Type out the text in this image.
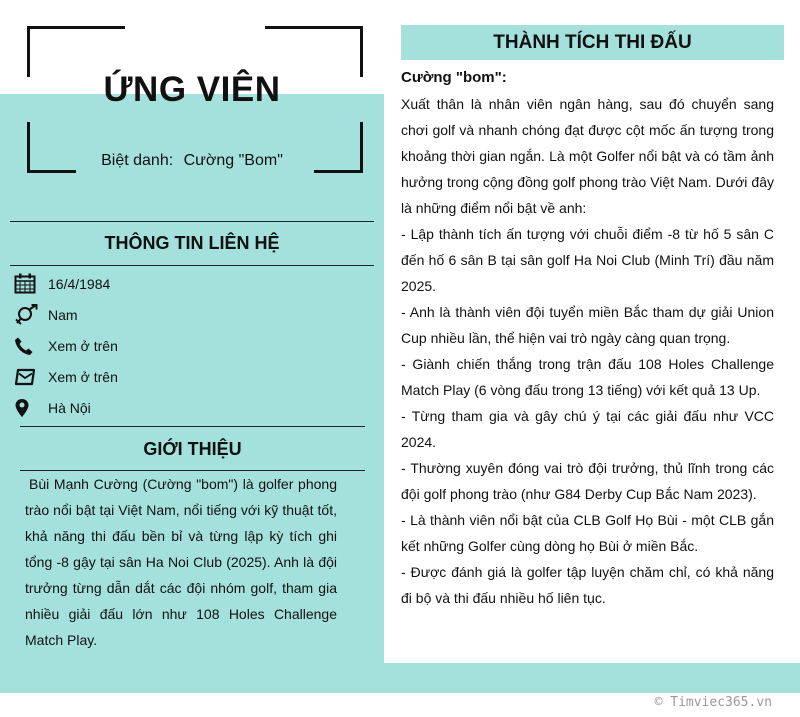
ỨNG VIÊN
Biệt danh: Cường "Bom"
THÔNG TIN LIÊN HỆ
16/4/1984
Nam
Xem ở trên
Xem ở trên
Hà Nội
GIỚI THIỆU
Bùi Mạnh Cường (Cường "bom") là golfer phong trào nổi bật tại Việt Nam, nổi tiếng với kỹ thuật tốt, khả năng thi đấu bền bỉ và từng lập kỳ tích ghi tổng -8 gậy tại sân Ha Noi Club (2025). Anh là đội trưởng từng dẫn dắt các đội nhóm golf, tham gia nhiều giải đấu lớn như 108 Holes Challenge Match Play.
THÀNH TÍCH THI ĐẤU
Cường "bom":

Xuất thân là nhân viên ngân hàng, sau đó chuyển sang chơi golf và nhanh chóng đạt được cột mốc ấn tượng trong khoảng thời gian ngắn. Là một Golfer nổi bật và có tầm ảnh hưởng trong cộng đồng golf phong trào Việt Nam. Dưới đây là những điểm nổi bật về anh:

- Lập thành tích ấn tượng với chuỗi điểm -8 từ hố 5 sân C đến hố 6 sân B tại sân golf Ha Noi Club (Minh Trí) đầu năm 2025.

- Anh là thành viên đội tuyển miền Bắc tham dự giải Union Cup nhiều lần, thể hiện vai trò ngày càng quan trọng.

- Giành chiến thắng trong trận đấu 108 Holes Challenge Match Play (6 vòng đấu trong 13 tiếng) với kết quả 13 Up.

- Từng tham gia và gây chú ý tại các giải đấu như VCC 2024.

- Thường xuyên đóng vai trò đội trưởng, thủ lĩnh trong các đội golf phong trào (như G84 Derby Cup Bắc Nam 2023).

- Là thành viên nổi bật của CLB Golf Họ Bùi - một CLB gắn kết những Golfer cùng dòng họ Bùi ở miền Bắc.

- Được đánh giá là golfer tập luyện chăm chỉ, có khả năng đi bộ và thi đấu nhiều hố liên tục.

© Timviec365.vn
